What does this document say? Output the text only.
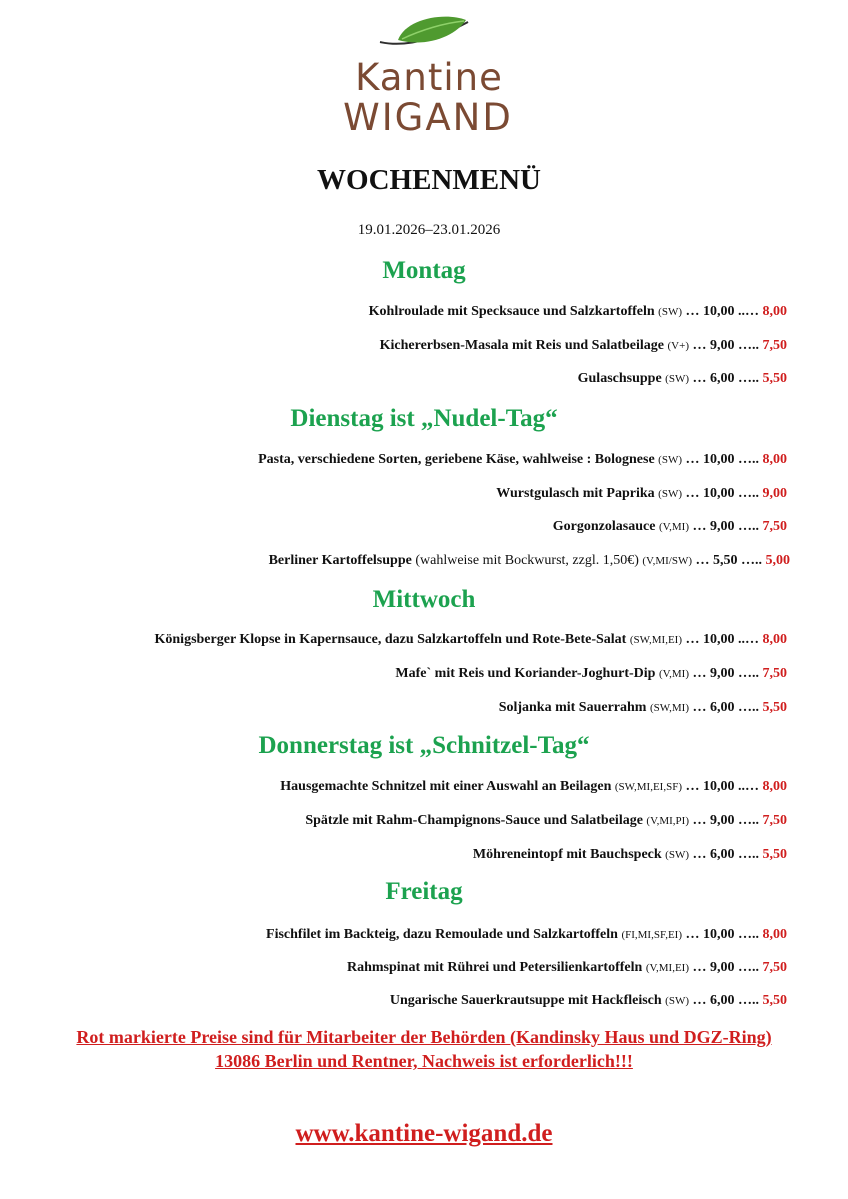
Kantine
WIGAND
WOCHENMENÜ
19.01.2026–23.01.2026
Montag
Kohlroulade mit Specksauce und Salzkartoffeln (SW) … 10,00 ..… 8,00
Kichererbsen-Masala mit Reis und Salatbeilage (V+) … 9,00 ….. 7,50
Gulaschsuppe (SW) … 6,00 ….. 5,50
Dienstag ist „Nudel-Tag“
Pasta, verschiedene Sorten, geriebene Käse, wahlweise : Bolognese (SW) … 10,00 ….. 8,00
Wurstgulasch mit Paprika (SW) … 10,00 ….. 9,00
Gorgonzolasauce (V,MI) … 9,00 ….. 7,50
Berliner Kartoffelsuppe (wahlweise mit Bockwurst, zzgl. 1,50€) (V,MI/SW) … 5,50 ….. 5,00
Mittwoch
Königsberger Klopse in Kapernsauce, dazu Salzkartoffeln und Rote-Bete-Salat (SW,MI,EI) … 10,00 ..… 8,00
Mafe` mit Reis und Koriander-Joghurt-Dip (V,MI) … 9,00 ….. 7,50
Soljanka mit Sauerrahm (SW,MI) … 6,00 ….. 5,50
Donnerstag ist „Schnitzel-Tag“
Hausgemachte Schnitzel mit einer Auswahl an Beilagen (SW,MI,EI,SF) … 10,00 ..… 8,00
Spätzle mit Rahm-Champignons-Sauce und Salatbeilage (V,MI,PI) … 9,00 ….. 7,50
Möhreneintopf mit Bauchspeck (SW) … 6,00 ….. 5,50
Freitag
Fischfilet im Backteig, dazu Remoulade und Salzkartoffeln (FI,MI,SF,EI) … 10,00 ….. 8,00
Rahmspinat mit Rührei und Petersilienkartoffeln (V,MI,EI) … 9,00 ….. 7,50
Ungarische Sauerkrautsuppe mit Hackfleisch (SW) … 6,00 ….. 5,50
Rot markierte Preise sind für Mitarbeiter der Behörden (Kandinsky Haus und DGZ-Ring)
13086 Berlin und Rentner, Nachweis ist erforderlich!!!
www.kantine-wigand.de
